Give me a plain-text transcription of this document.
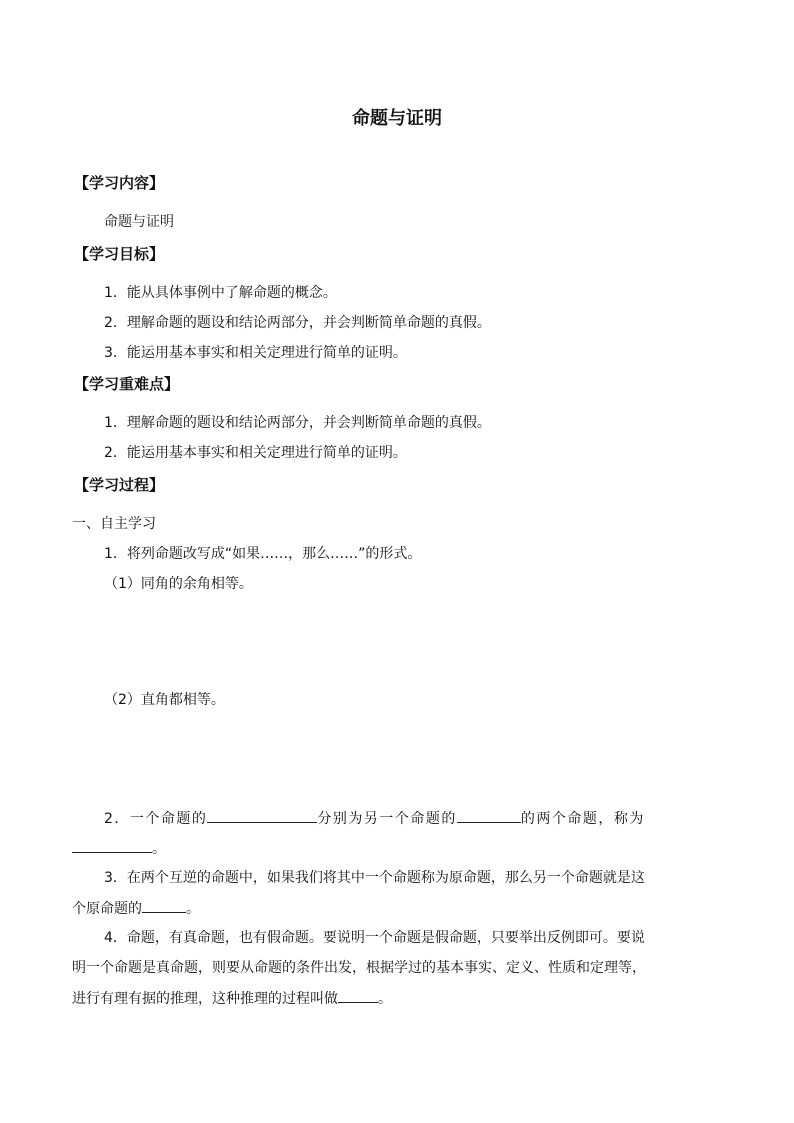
命题与证明
【学习内容】
命题与证明
【学习目标】
1．能从具体事例中了解命题的概念。
2．理解命题的题设和结论两部分，并会判断简单命题的真假。
3．能运用基本事实和相关定理进行简单的证明。
【学习重难点】
1．理解命题的题设和结论两部分，并会判断简单命题的真假。
2．能运用基本事实和相关定理进行简单的证明。
【学习过程】
一、自主学习
1．将列命题改写成“如果……，那么……”的形式。
（1）同角的余角相等。
（2）直角都相等。
2．一个命题的	分别为另一个命题的	的两个命题，称为
。
3．在两个互逆的命题中，如果我们将其中一个命题称为原命题，那么另一个命题就是这
个原命题的	。
4．命题，有真命题，也有假命题。要说明一个命题是假命题，只要举出反例即可。要说
明一个命题是真命题，则要从命题的条件出发，根据学过的基本事实、定义、性质和定理等，
进行有理有据的推理，这种推理的过程叫做	。
